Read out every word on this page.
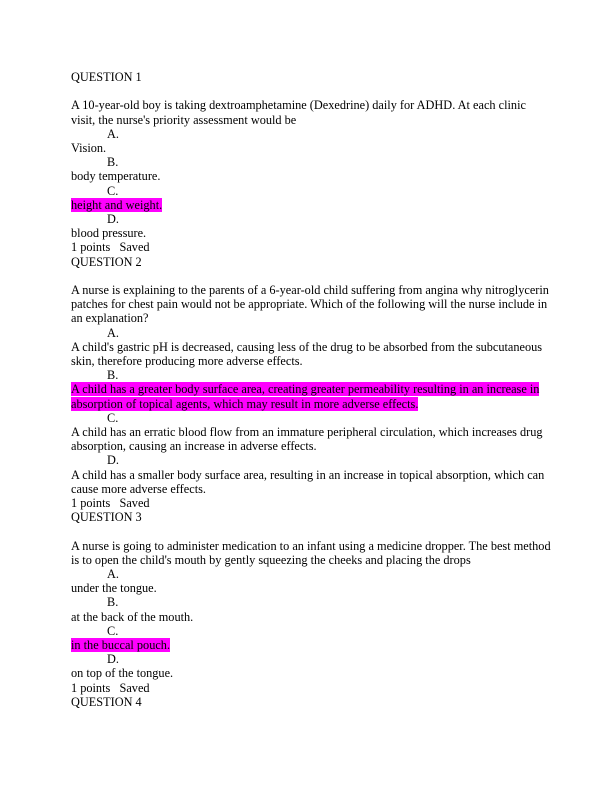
QUESTION 1
A 10-year-old boy is taking dextroamphetamine (Dexedrine) daily for ADHD. At each clinic
visit, the nurse's priority assessment would be
A.
Vision.
B.
body temperature.
C.
height and weight.
D.
blood pressure.
1 points   Saved
QUESTION 2
A nurse is explaining to the parents of a 6-year-old child suffering from angina why nitroglycerin
patches for chest pain would not be appropriate. Which of the following will the nurse include in
an explanation?
A.
A child's gastric pH is decreased, causing less of the drug to be absorbed from the subcutaneous
skin, therefore producing more adverse effects.
B.
A child has a greater body surface area, creating greater permeability resulting in an increase in
absorption of topical agents, which may result in more adverse effects.
C.
A child has an erratic blood flow from an immature peripheral circulation, which increases drug
absorption, causing an increase in adverse effects.
D.
A child has a smaller body surface area, resulting in an increase in topical absorption, which can
cause more adverse effects.
1 points   Saved
QUESTION 3
A nurse is going to administer medication to an infant using a medicine dropper. The best method
is to open the child's mouth by gently squeezing the cheeks and placing the drops
A.
under the tongue.
B.
at the back of the mouth.
C.
in the buccal pouch.
D.
on top of the tongue.
1 points   Saved
QUESTION 4
